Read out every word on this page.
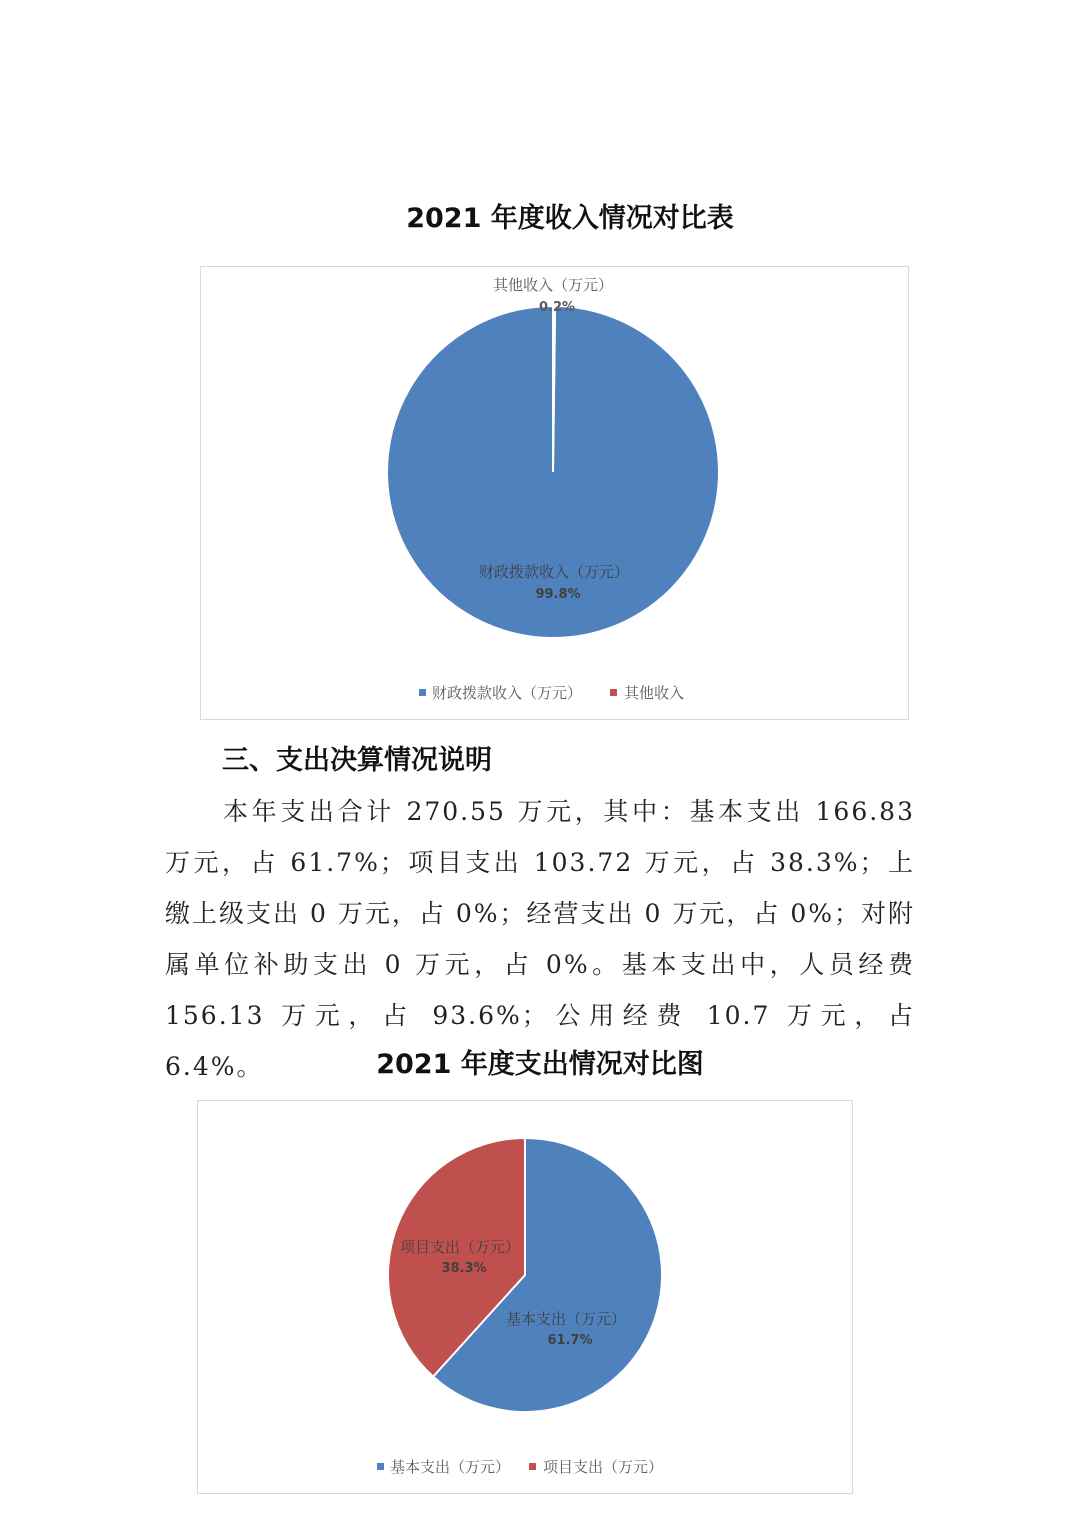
2021 年度收入情况对比表
其他收入（万元）
0.2%
财政拨款收入（万元）
99.8%
财政拨款收入（万元）	其他收入
三、支出决算情况说明
本年支出合计 270.55 万元，其中：基本支出 166.83 万元，占 61.7%；项目支出 103.72 万元，占 38.3%；上缴上级支出 0 万元，占 0%；经营支出 0 万元，占 0%；对附属单位补助支出 0 万元，占 0%。基本支出中，人员经费 156.13 万元，占 93.6%；公用经费 10.7 万元，占 6.4%。	2021 年度支出情况对比图
项目支出（万元）
38.3%
基本支出（万元）
61.7%
基本支出（万元） 项目支出（万元）
